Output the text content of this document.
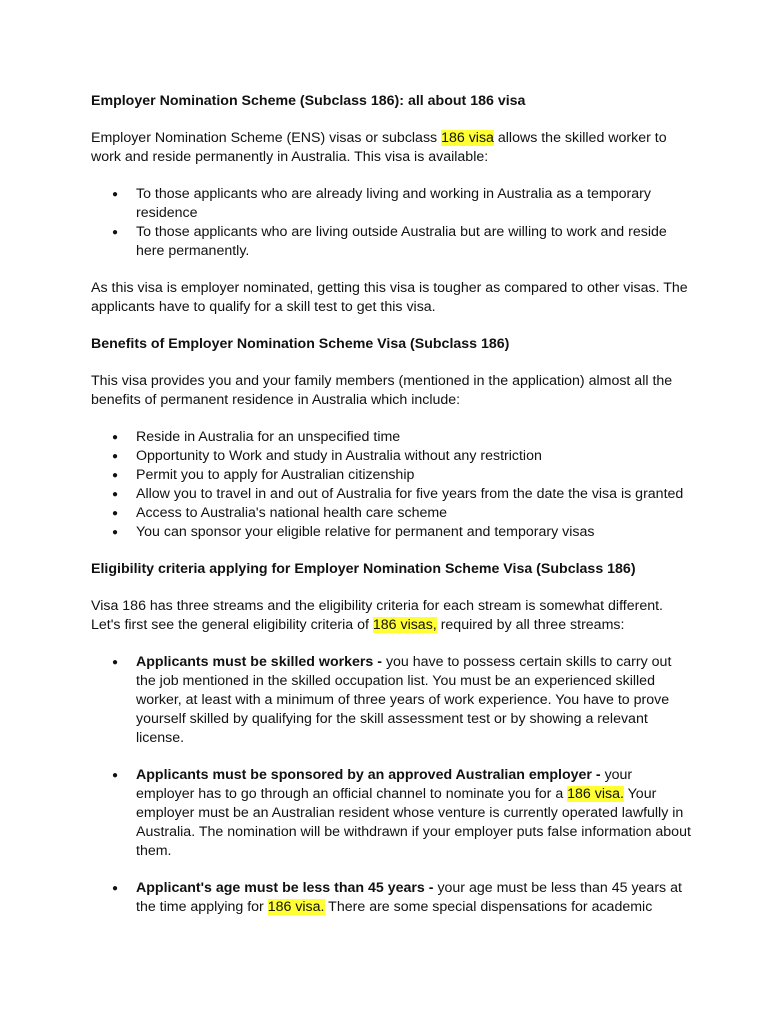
Employer Nomination Scheme (Subclass 186): all about 186 visa

Employer Nomination Scheme (ENS) visas or subclass 186 visa allows the skilled worker to work and reside permanently in Australia. This visa is available:

● To those applicants who are already living and working in Australia as a temporary residence
● To those applicants who are living outside Australia but are willing to work and reside here permanently.

As this visa is employer nominated, getting this visa is tougher as compared to other visas. The applicants have to qualify for a skill test to get this visa.

Benefits of Employer Nomination Scheme Visa (Subclass 186)

This visa provides you and your family members (mentioned in the application) almost all the benefits of permanent residence in Australia which include:

● Reside in Australia for an unspecified time
● Opportunity to Work and study in Australia without any restriction
● Permit you to apply for Australian citizenship
● Allow you to travel in and out of Australia for five years from the date the visa is granted
● Access to Australia's national health care scheme
● You can sponsor your eligible relative for permanent and temporary visas
Eligibility criteria applying for Employer Nomination Scheme Visa (Subclass 186)

Visa 186 has three streams and the eligibility criteria for each stream is somewhat different. Let's first see the general eligibility criteria of 186 visas, required by all three streams:

● Applicants must be skilled workers - you have to possess certain skills to carry out the job mentioned in the skilled occupation list. You must be an experienced skilled worker, at least with a minimum of three years of work experience. You have to prove yourself skilled by qualifying for the skill assessment test or by showing a relevant license.
● Applicants must be sponsored by an approved Australian employer - your employer has to go through an official channel to nominate you for a 186 visa. Your employer must be an Australian resident whose venture is currently operated lawfully in Australia. The nomination will be withdrawn if your employer puts false information about them.
● Applicant's age must be less than 45 years - your age must be less than 45 years at the time applying for 186 visa. There are some special dispensations for academic
